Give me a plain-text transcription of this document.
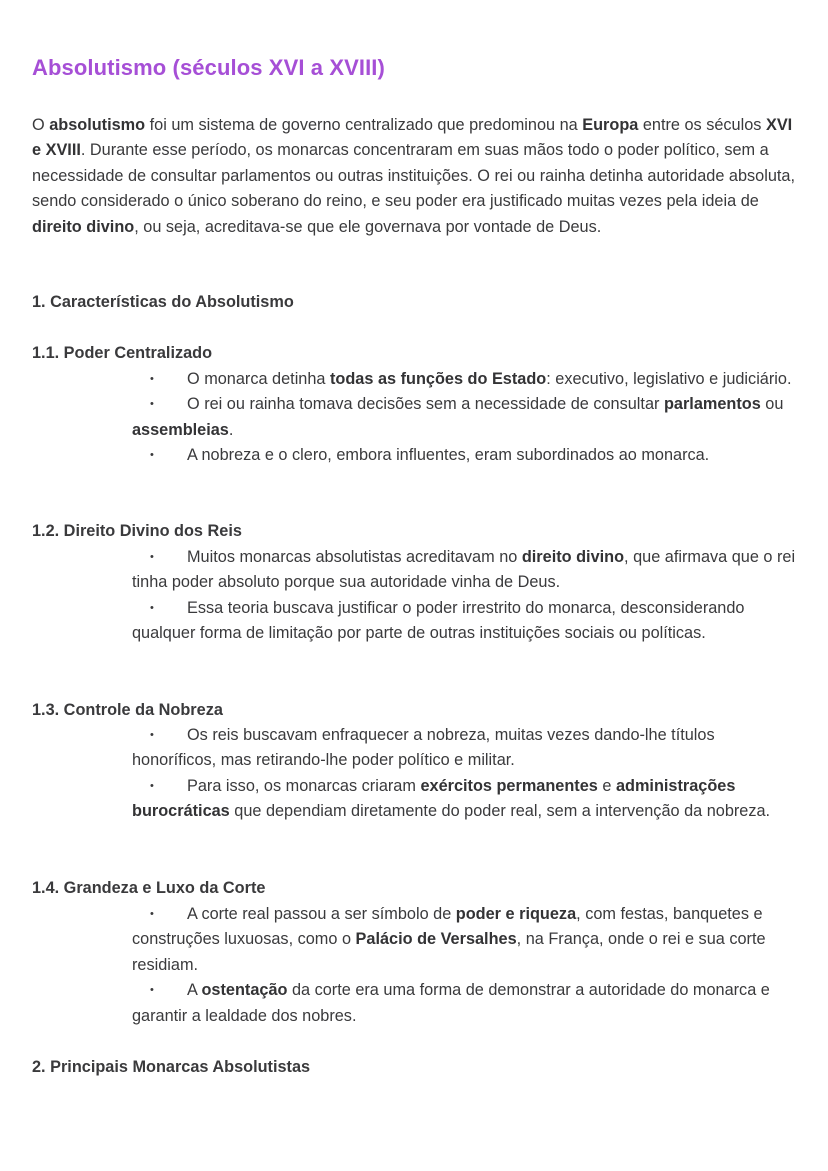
Absolutismo (séculos XVI a XVIII)

O absolutismo foi um sistema de governo centralizado que predominou na Europa entre os séculos XVI e XVIII. Durante esse período, os monarcas concentraram em suas mãos todo o poder político, sem a necessidade de consultar parlamentos ou outras instituições. O rei ou rainha detinha autoridade absoluta, sendo considerado o único soberano do reino, e seu poder era justificado muitas vezes pela ideia de direito divino, ou seja, acreditava-se que ele governava por vontade de Deus.

1. Características do Absolutismo
1.1. Poder Centralizado
• O monarca detinha todas as funções do Estado: executivo, legislativo e judiciário.
• O rei ou rainha tomava decisões sem a necessidade de consultar parlamentos ou assembleias.
• A nobreza e o clero, embora influentes, eram subordinados ao monarca.
1.2. Direito Divino dos Reis
• Muitos monarcas absolutistas acreditavam no direito divino, que afirmava que o rei tinha poder absoluto porque sua autoridade vinha de Deus.
• Essa teoria buscava justificar o poder irrestrito do monarca, desconsiderando qualquer forma de limitação por parte de outras instituições sociais ou políticas.
1.3. Controle da Nobreza
• Os reis buscavam enfraquecer a nobreza, muitas vezes dando-lhe títulos honoríficos, mas retirando-lhe poder político e militar.
• Para isso, os monarcas criaram exércitos permanentes e administrações burocráticas que dependiam diretamente do poder real, sem a intervenção da nobreza.
1.4. Grandeza e Luxo da Corte
• A corte real passou a ser símbolo de poder e riqueza, com festas, banquetes e construções luxuosas, como o Palácio de Versalhes, na França, onde o rei e sua corte residiam.
• A ostentação da corte era uma forma de demonstrar a autoridade do monarca e garantir a lealdade dos nobres.
2. Principais Monarcas Absolutistas
